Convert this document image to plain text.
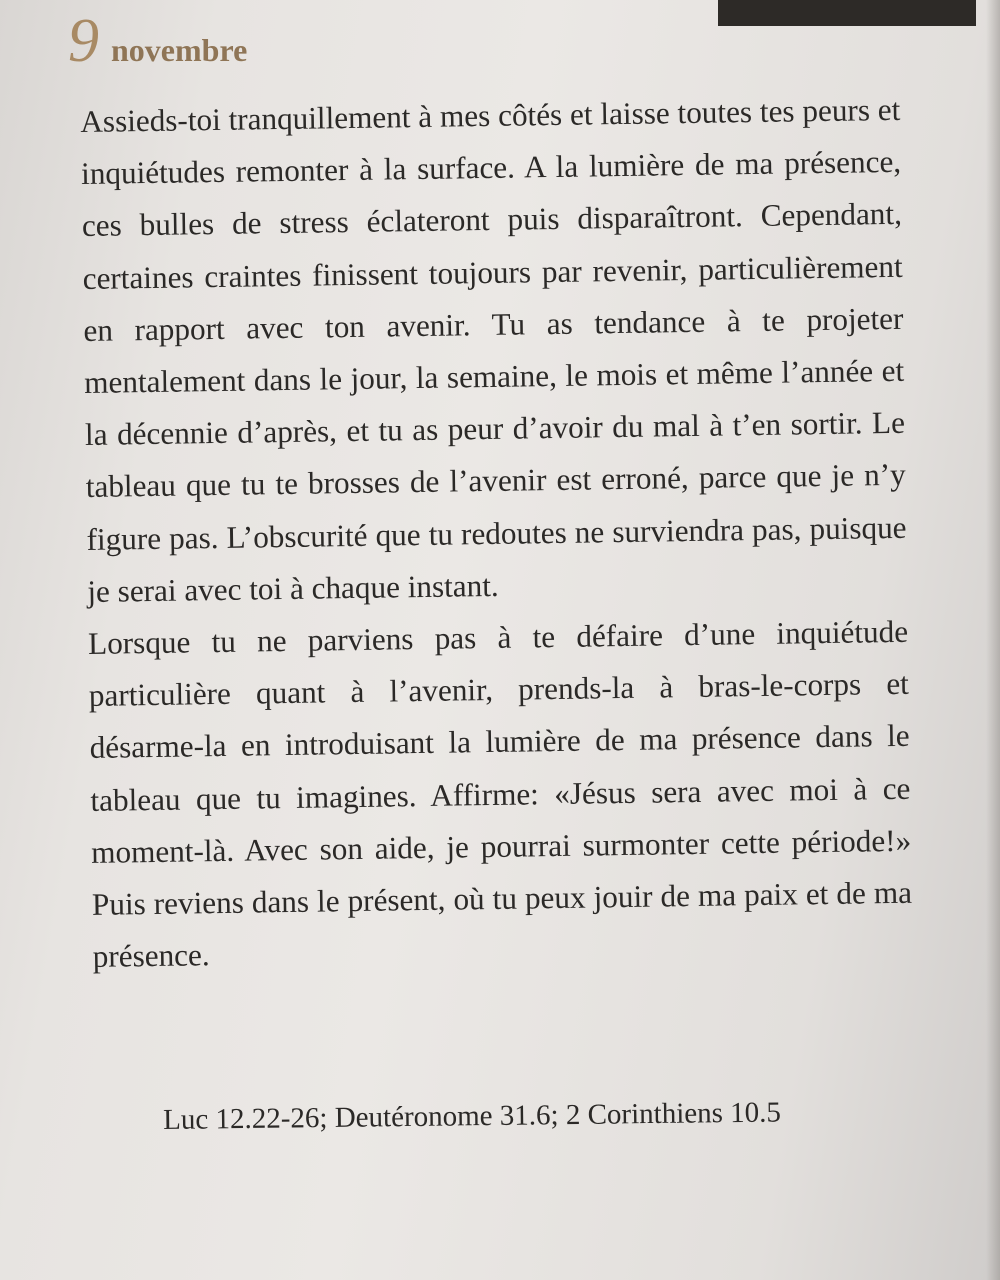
9 novembre

Assieds-toi tranquillement à mes côtés et laisse toutes tes peurs et inquiétudes remonter à la surface. A la lumière de ma présence, ces bulles de stress éclateront puis disparaîtront. Cependant, certaines craintes finissent toujours par revenir, particulièrement en rapport avec ton avenir. Tu as tendance à te projeter mentalement dans le jour, la semaine, le mois et même l’année et la décennie d’après, et tu as peur d’avoir du mal à t’en sortir. Le tableau que tu te brosses de l’avenir est erroné, parce que je n’y figure pas. L’obscurité que tu redoutes ne surviendra pas, puisque je serai avec toi à chaque instant.

Lorsque tu ne parviens pas à te défaire d’une inquiétude particulière quant à l’avenir, prends-la à bras-le-corps et désarme-la en introduisant la lumière de ma présence dans le tableau que tu imagines. Affirme: «Jésus sera avec moi à ce moment-là. Avec son aide, je pourrai surmonter cette période!» Puis reviens dans le présent, où tu peux jouir de ma paix et de ma présence.

Luc 12.22-26; Deutéronome 31.6; 2 Corinthiens 10.5
